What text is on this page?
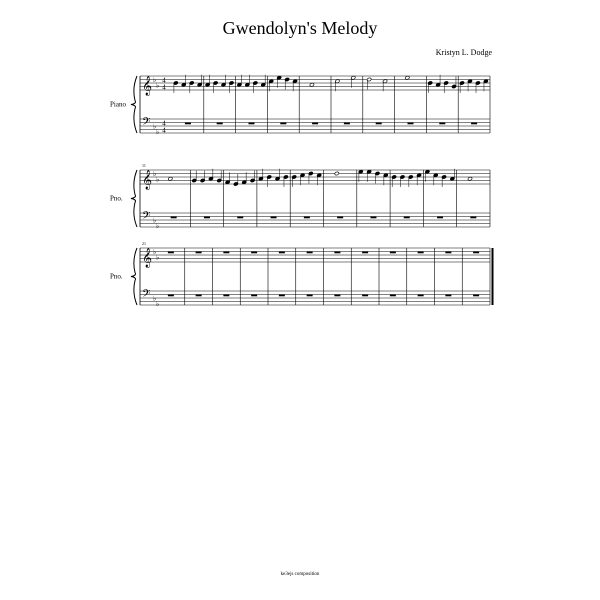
Gwendolyn's Melody
Kristyn L. Dodge
Piano
𝄞
𝄢
♭
♭
♭
♭
4
4
4
4
Pno.
11
𝄞
𝄢
♭
♭
♭
♭
Pno.
21
𝄞
𝄢
♭
♭
♭
♭
ke3ejs composition
